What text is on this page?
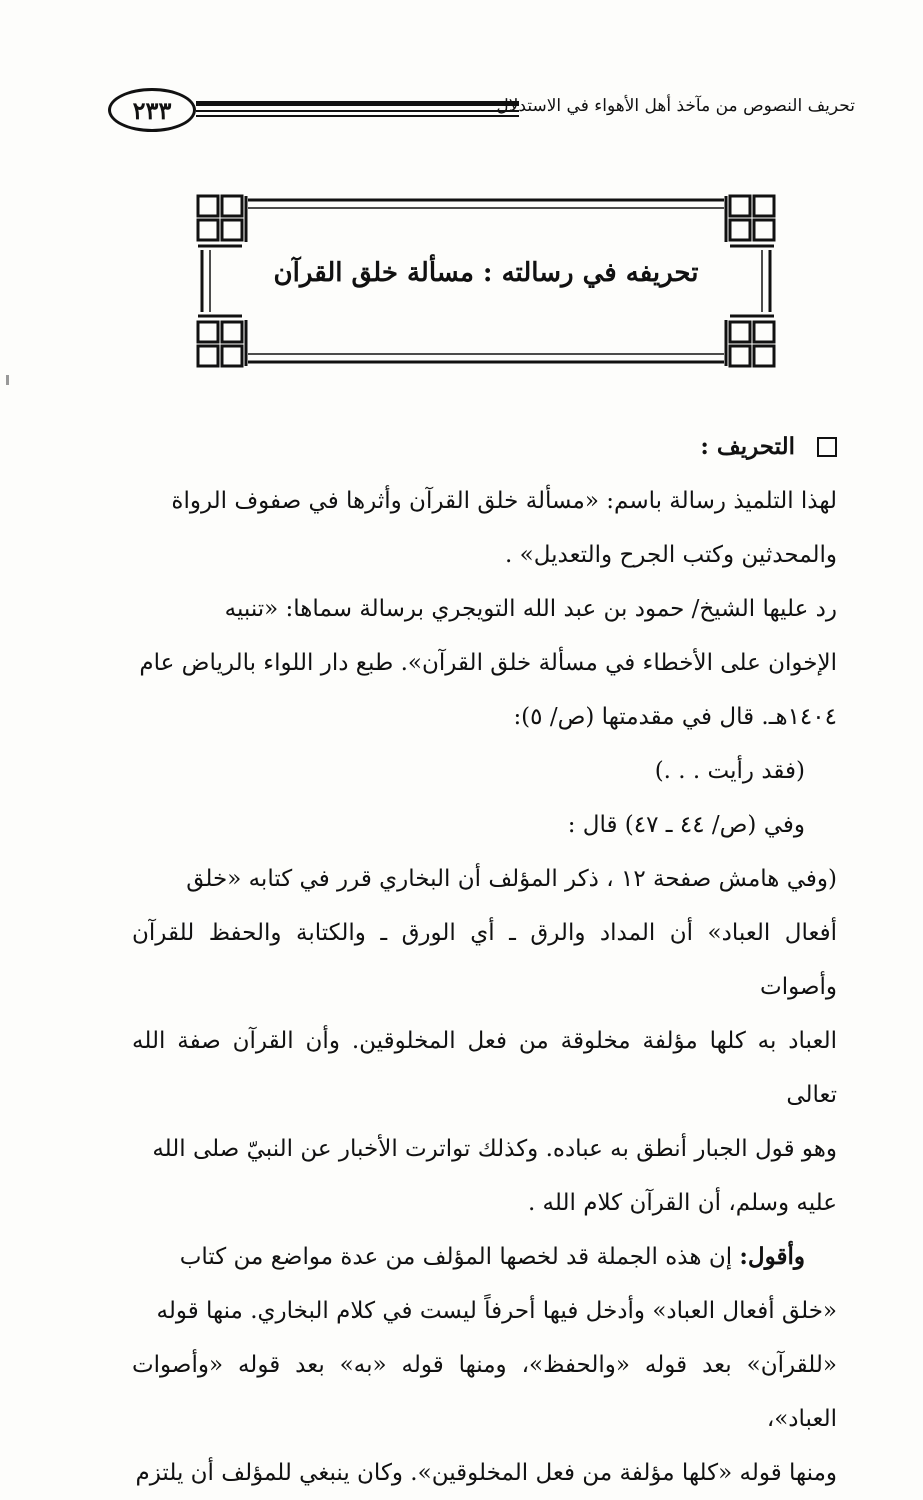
٢٣٣	تحريف النصوص من مآخذ أهل الأهواء في الاستدلال
تحريفه في رسالته : مسألة خلق القرآن

التحريف :

لهذا التلميذ رسالة باسم: «مسألة خلق القرآن وأثرها في صفوف الرواة

والمحدثين وكتب الجرح والتعديل» .

رد عليها الشيخ/ حمود بن عبد الله التويجري برسالة سماها: «تنبيه

الإخوان على الأخطاء في مسألة خلق القرآن». طبع دار اللواء بالرياض عام

١٤٠٤هـ. قال في مقدمتها (ص/ ٥):

(فقد رأيت . . .)

وفي (ص/ ٤٤ ـ ٤٧) قال :

(وفي هامش صفحة ١٢ ، ذكر المؤلف أن البخاري قرر في كتابه «خلق

أفعال العباد» أن المداد والرق ـ أي الورق ـ والكتابة والحفظ للقرآن وأصوات

العباد به كلها مؤلفة مخلوقة من فعل المخلوقين. وأن القرآن صفة الله تعالى

وهو قول الجبار أنطق به عباده. وكذلك تواترت الأخبار عن النبيّ صلى الله

عليه وسلم، أن القرآن كلام الله .

وأقول: إن هذه الجملة قد لخصها المؤلف من عدة مواضع من كتاب

«خلق أفعال العباد» وأدخل فيها أحرفاً ليست في كلام البخاري. منها قوله

«للقرآن» بعد قوله «والحفظ»، ومنها قوله «به» بعد قوله «وأصوات العباد»،

ومنها قوله «كلها مؤلفة من فعل المخلوقين». وكان ينبغي للمؤلف أن يلتزم
